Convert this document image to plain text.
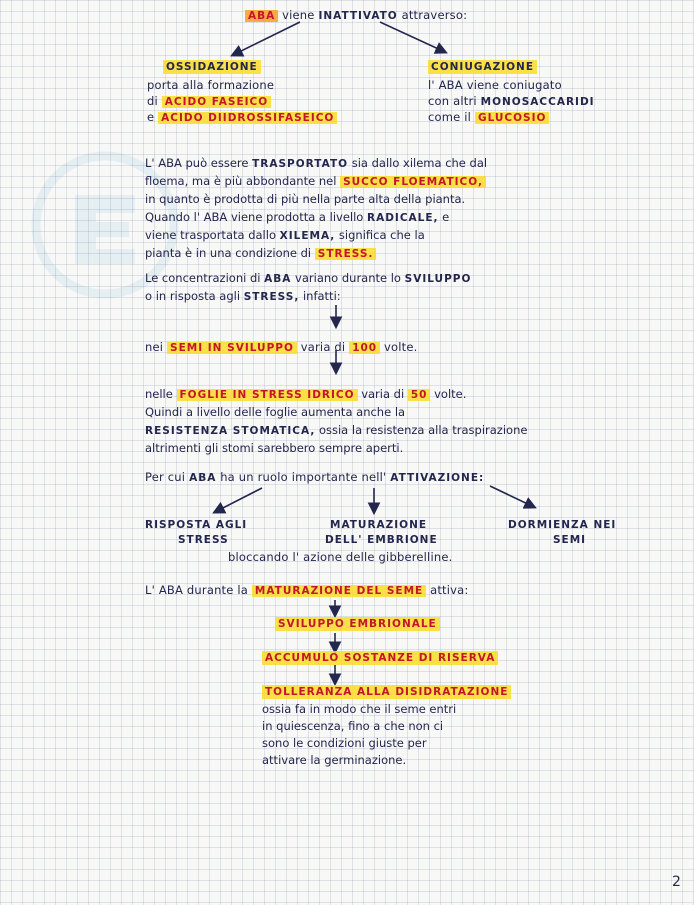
ABA viene INATTIVATO attraverso:
OSSIDAZIONE
porta alla formazione
di ACIDO FASEICO
e ACIDO DIIDROSSIFASEICO
CONIUGAZIONE
l' ABA viene coniugato
con altri MONOSACCARIDI
come il GLUCOSIO
L' ABA può essere TRASPORTATO sia dallo xilema che dal
floema, ma è più abbondante nel SUCCO FLOEMATICO,
in quanto è prodotta di più nella parte alta della pianta.
Quando l' ABA viene prodotta a livello RADICALE, e
viene trasportata dallo XILEMA, significa che la
pianta è in una condizione di STRESS.
Le concentrazioni di ABA variano durante lo SVILUPPO
o in risposta agli STRESS, infatti:
nei SEMI IN SVILUPPO varia di 100 volte.
nelle FOGLIE IN STRESS IDRICO varia di 50 volte.
Quindi a livello delle foglie aumenta anche la
RESISTENZA STOMATICA, ossia la resistenza alla traspirazione
altrimenti gli stomi sarebbero sempre aperti.
Per cui ABA ha un ruolo importante nell' ATTIVAZIONE:
RISPOSTA AGLI
STRESS
MATURAZIONE
DELL' EMBRIONE
DORMIENZA NEI
SEMI
bloccando l' azione delle gibberelline.
L' ABA durante la MATURAZIONE DEL SEME attiva:
SVILUPPO EMBRIONALE
ACCUMULO SOSTANZE DI RISERVA
TOLLERANZA ALLA DISIDRATAZIONE
ossia fa in modo che il seme entri
in quiescenza, fino a che non ci
sono le condizioni giuste per
attivare la germinazione.
2
